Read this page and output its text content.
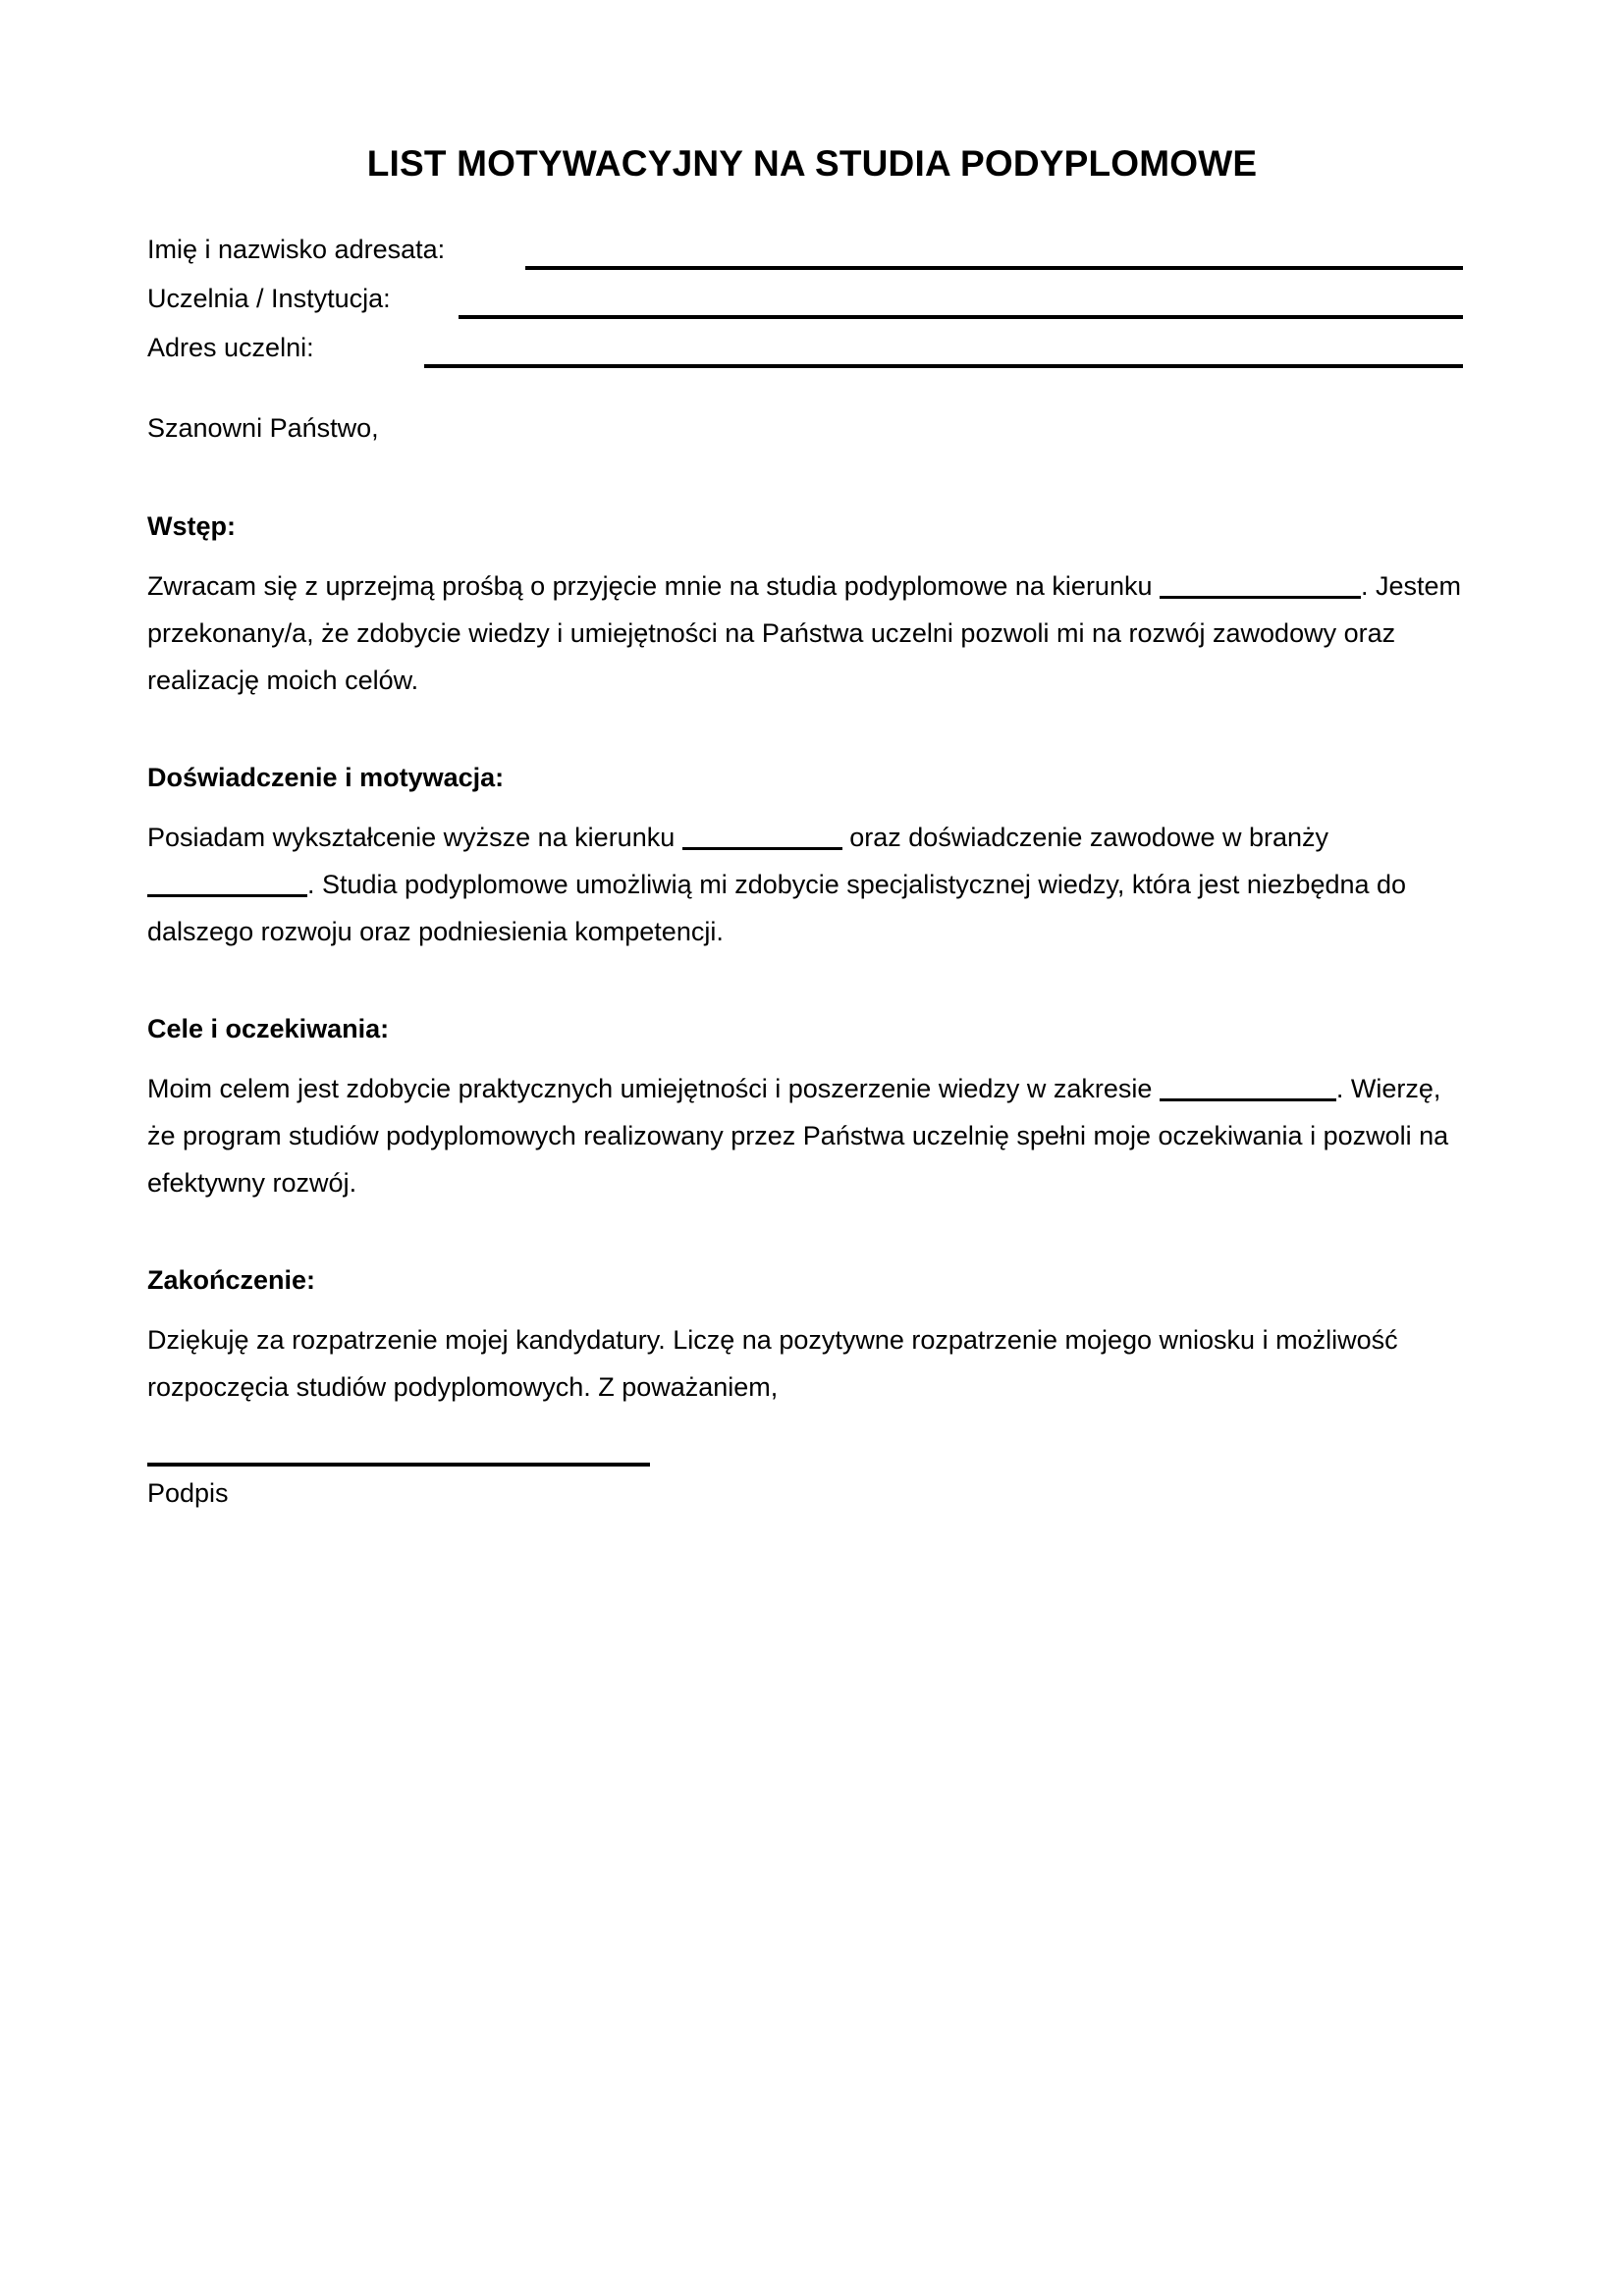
LIST MOTYWACYJNY NA STUDIA PODYPLOMOWE
Imię i nazwisko adresata:
Uczelnia / Instytucja:
Adres uczelni:

Szanowni Państwo,

Wstęp:

Zwracam się z uprzejmą prośbą o przyjęcie mnie na studia podyplomowe na kierunku	. Jestem przekonany/a, że zdobycie wiedzy i umiejętności na Państwa uczelni pozwoli mi na rozwój zawodowy oraz realizację moich celów.

Doświadczenie i motywacja:

Posiadam wykształcenie wyższe na kierunku	oraz doświadczenie zawodowe w branży . Studia podyplomowe umożliwią mi zdobycie specjalistycznej wiedzy, która jest niezbędna do dalszego rozwoju oraz podniesienia kompetencji.

Cele i oczekiwania:

Moim celem jest zdobycie praktycznych umiejętności i poszerzenie wiedzy w zakresie	. Wierzę, że program studiów podyplomowych realizowany przez Państwa uczelnię spełni moje oczekiwania i pozwoli na efektywny rozwój.

Zakończenie:

Dziękuję za rozpatrzenie mojej kandydatury. Liczę na pozytywne rozpatrzenie mojego wniosku i możliwość rozpoczęcia studiów podyplomowych. Z poważaniem,

Podpis
